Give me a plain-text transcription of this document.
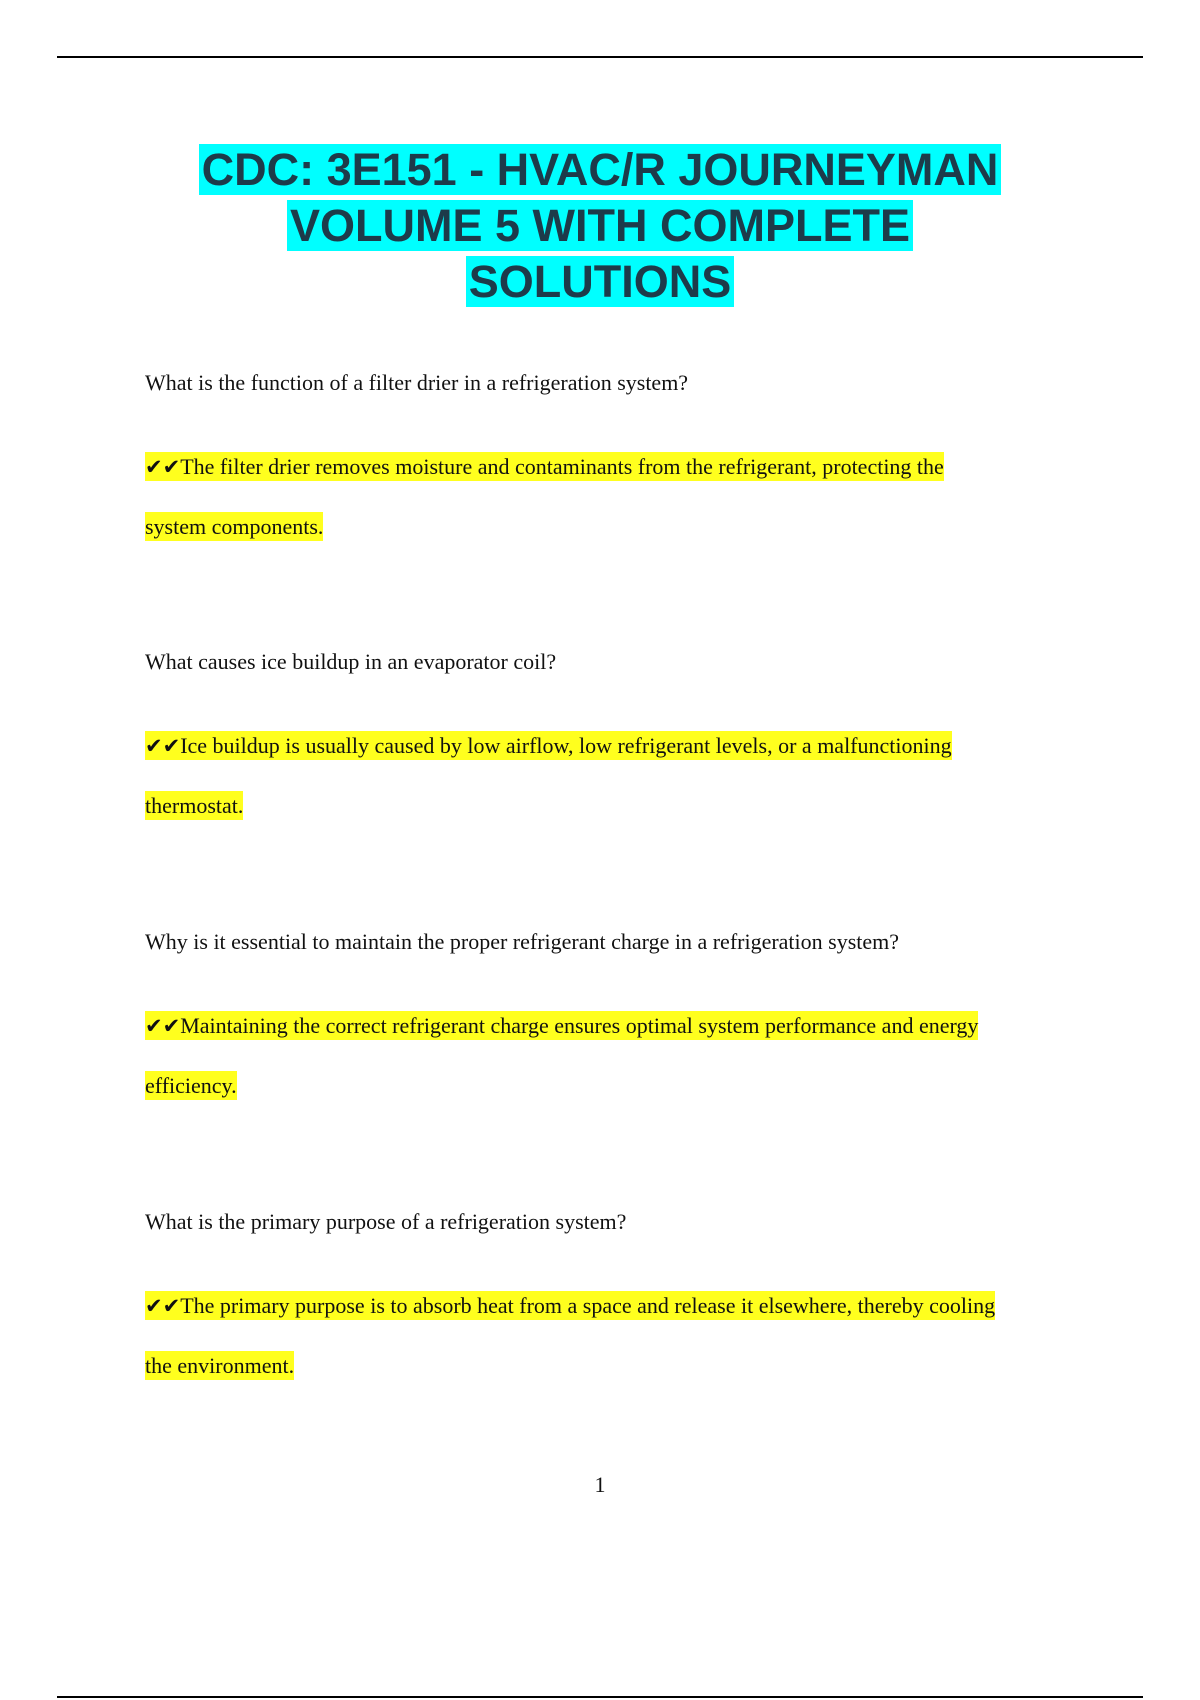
CDC: 3E151 - HVAC/R JOURNEYMAN
VOLUME 5 WITH COMPLETE
SOLUTIONS

What is the function of a filter drier in a refrigeration system?

✔✔The filter drier removes moisture and contaminants from the refrigerant, protecting the
system components.

What causes ice buildup in an evaporator coil?

✔✔Ice buildup is usually caused by low airflow, low refrigerant levels, or a malfunctioning
thermostat.

Why is it essential to maintain the proper refrigerant charge in a refrigeration system?

✔✔Maintaining the correct refrigerant charge ensures optimal system performance and energy
efficiency.

What is the primary purpose of a refrigeration system?

✔✔The primary purpose is to absorb heat from a space and release it elsewhere, thereby cooling
the environment.

1
